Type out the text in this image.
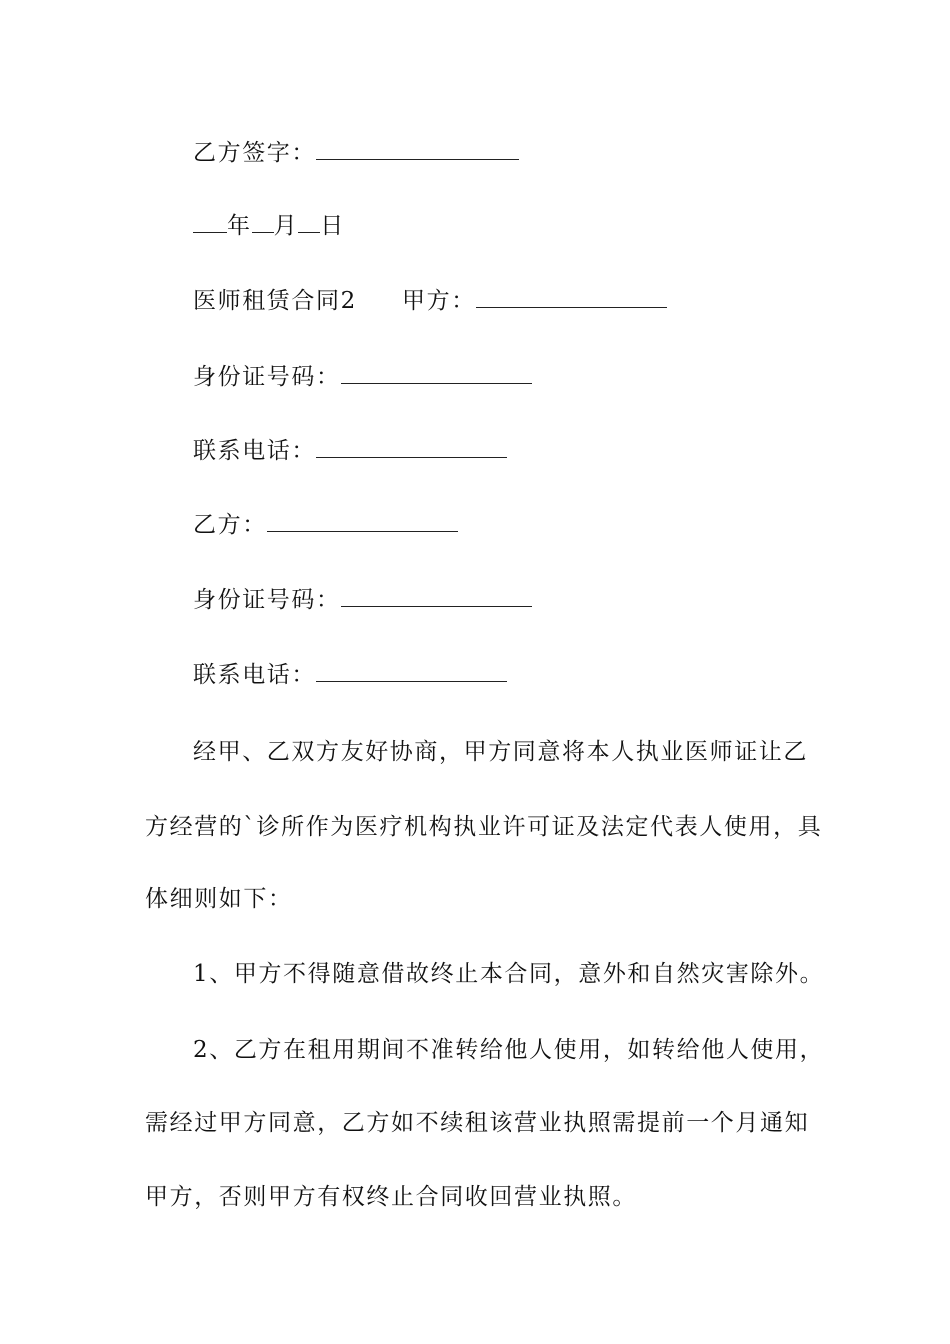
乙方签字：
年 月 日
医师租赁合同2 甲方：
身份证号码：
联系电话：
乙方：
身份证号码：
联系电话：
经甲、乙双方友好协商，甲方同意将本人执业医师证让乙
方经营的`诊所作为医疗机构执业许可证及法定代表人使用，具
体细则如下：
1、甲方不得随意借故终止本合同，意外和自然灾害除外。
2、乙方在租用期间不准转给他人使用，如转给他人使用，
需经过甲方同意，乙方如不续租该营业执照需提前一个月通知
甲方，否则甲方有权终止合同收回营业执照。
